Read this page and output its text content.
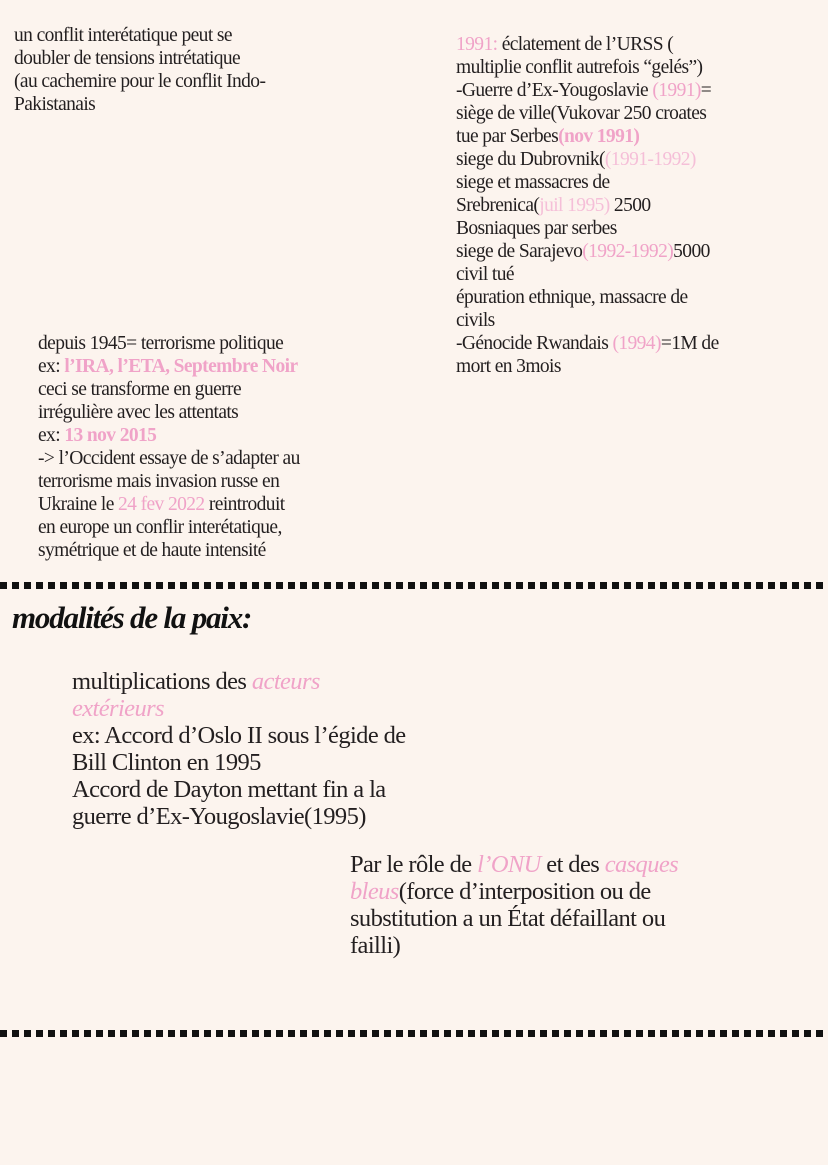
un conflit interétatique peut se
doubler de tensions intrétatique
(au cachemire pour le conflit Indo-
Pakistanais
1991: éclatement de l’URSS (
multiplie conflit autrefois “gelés”)
-Guerre d’Ex-Yougoslavie (1991)=
siège de ville(Vukovar 250 croates
tue par Serbes(nov 1991)
siege du Dubrovnik((1991-1992)
siege et massacres de
Srebrenica(juil 1995) 2500
Bosniaques par serbes
siege de Sarajevo(1992-1992)5000
civil tué
épuration ethnique, massacre de
civils
-Génocide Rwandais (1994)=1M de
mort en 3mois
depuis 1945= terrorisme politique
ex: l’IRA, l’ETA, Septembre Noir
ceci se transforme en guerre
irrégulière avec les attentats
ex: 13 nov 2015
-> l’Occident essaye de s’adapter au
terrorisme mais invasion russe en
Ukraine le 24 fev 2022 reintroduit
en europe un conflir interétatique,
symétrique et de haute intensité
modalités de la paix:
multiplications des acteurs
extérieurs
ex: Accord d’Oslo II sous l’égide de
Bill Clinton en 1995
Accord de Dayton mettant fin a la
guerre d’Ex-Yougoslavie(1995)
Par le rôle de l’ONU et des casques
bleus(force d’interposition ou de
substitution a un État défaillant ou
failli)
